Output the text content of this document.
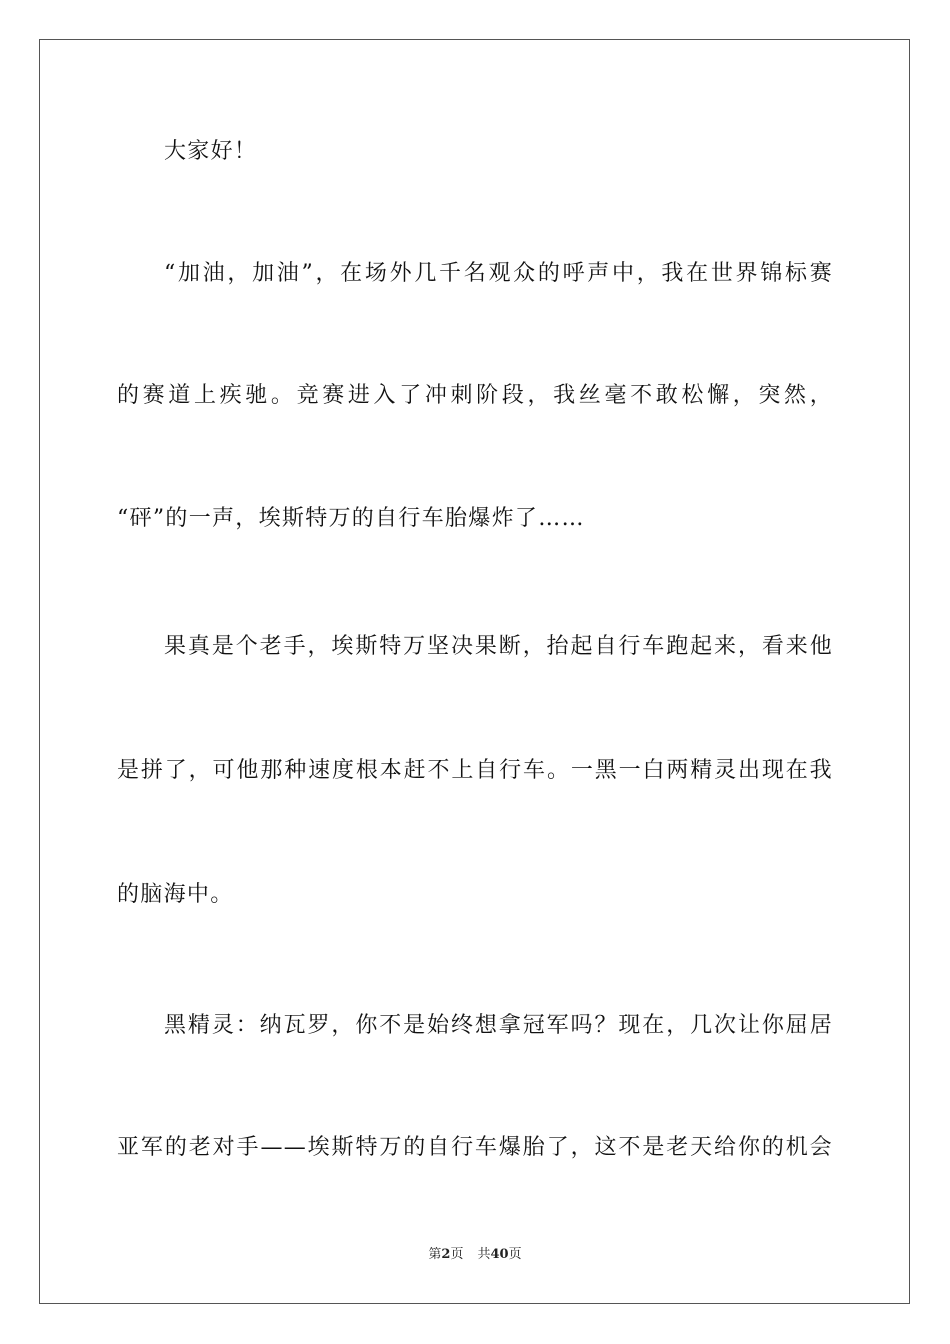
大家好！
“加油，加油”，在场外几千名观众的呼声中，我在世界锦标赛
的赛道上疾驰。竞赛进入了冲刺阶段，我丝毫不敢松懈，突然，
“砰”的一声，埃斯特万的自行车胎爆炸了……
果真是个老手，埃斯特万坚决果断，抬起自行车跑起来，看来他
是拼了，可他那种速度根本赶不上自行车。一黑一白两精灵出现在我
的脑海中。
黑精灵：纳瓦罗，你不是始终想拿冠军吗？现在，几次让你屈居
亚军的老对手——埃斯特万的自行车爆胎了，这不是老天给你的机会
第2页 共40页
